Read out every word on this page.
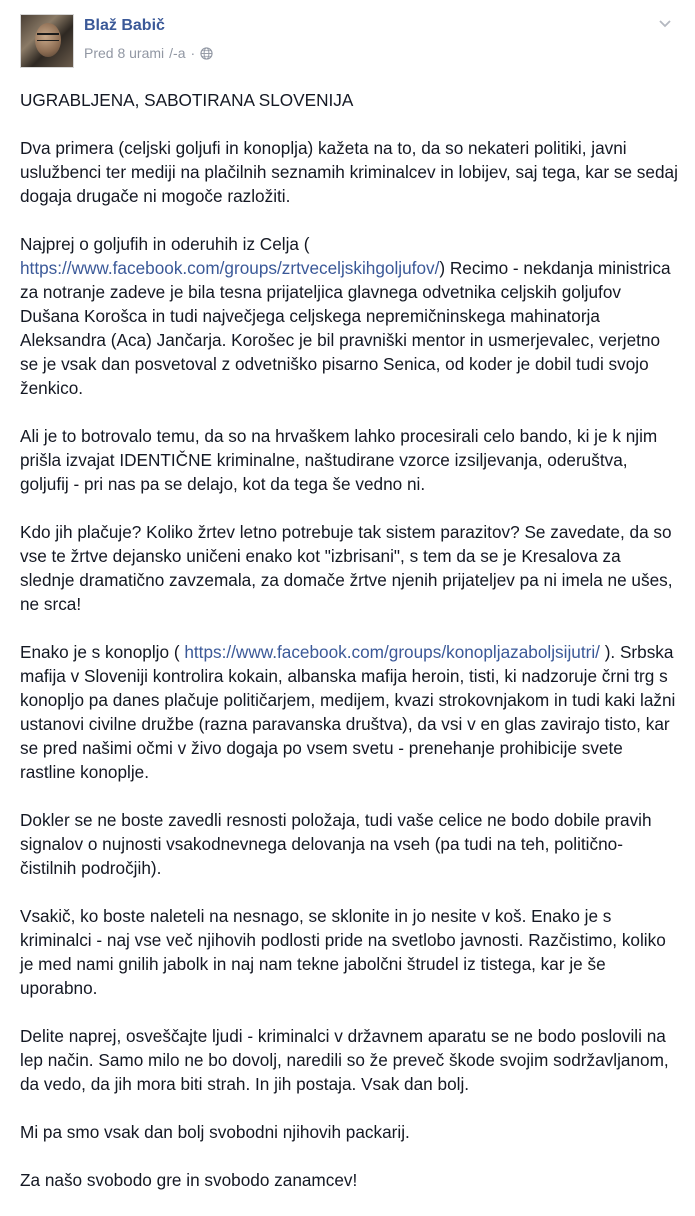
Blaž Babič
Pred 8 urami /-a ·

UGRABLJENA, SABOTIRANA SLOVENIJA

Dva primera (celjski goljufi in konoplja) kažeta na to, da so nekateri politiki, javni uslužbenci ter mediji na plačilnih seznamih kriminalcev in lobijev, saj tega, kar se sedaj dogaja drugače ni mogoče razložiti.

Najprej o goljufih in oderuhih iz Celja ( https://www.facebook.com/groups/zrtveceljskihgoljufov/) Recimo - nekdanja ministrica za notranje zadeve je bila tesna prijateljica glavnega odvetnika celjskih goljufov Dušana Korošca in tudi največjega celjskega nepremičninskega mahinatorja Aleksandra (Aca) Jančarja. Korošec je bil pravniški mentor in usmerjevalec, verjetno se je vsak dan posvetoval z odvetniško pisarno Senica, od koder je dobil tudi svojo ženkico.

Ali je to botrovalo temu, da so na hrvaškem lahko procesirali celo bando, ki je k njim prišla izvajat IDENTIČNE kriminalne, naštudirane vzorce izsiljevanja, oderuštva, goljufij - pri nas pa se delajo, kot da tega še vedno ni.

Kdo jih plačuje? Koliko žrtev letno potrebuje tak sistem parazitov? Se zavedate, da so vse te žrtve dejansko uničeni enako kot "izbrisani", s tem da se je Kresalova za slednje dramatično zavzemala, za domače žrtve njenih prijateljev pa ni imela ne ušes, ne srca!

Enako je s konopljo ( https://www.facebook.com/groups/konopljazaboljsijutri/ ). Srbska mafija v Sloveniji kontrolira kokain, albanska mafija heroin, tisti, ki nadzoruje črni trg s konopljo pa danes plačuje političarjem, medijem, kvazi strokovnjakom in tudi kaki lažni ustanovi civilne družbe (razna paravanska društva), da vsi v en glas zavirajo tisto, kar se pred našimi očmi v živo dogaja po vsem svetu - prenehanje prohibicije svete rastline konoplje.

Dokler se ne boste zavedli resnosti položaja, tudi vaše celice ne bodo dobile pravih signalov o nujnosti vsakodnevnega delovanja na vseh (pa tudi na teh, politično-čistilnih področjih).

Vsakič, ko boste naleteli na nesnago, se sklonite in jo nesite v koš. Enako je s kriminalci - naj vse več njihovih podlosti pride na svetlobo javnosti. Razčistimo, koliko je med nami gnilih jabolk in naj nam tekne jabolčni štrudel iz tistega, kar je še uporabno.

Delite naprej, osveščajte ljudi - kriminalci v državnem aparatu se ne bodo poslovili na lep način. Samo milo ne bo dovolj, naredili so že preveč škode svojim sodržavljanom, da vedo, da jih mora biti strah. In jih postaja. Vsak dan bolj.

Mi pa smo vsak dan bolj svobodni njihovih packarij.

Za našo svobodo gre in svobodo zanamcev!
